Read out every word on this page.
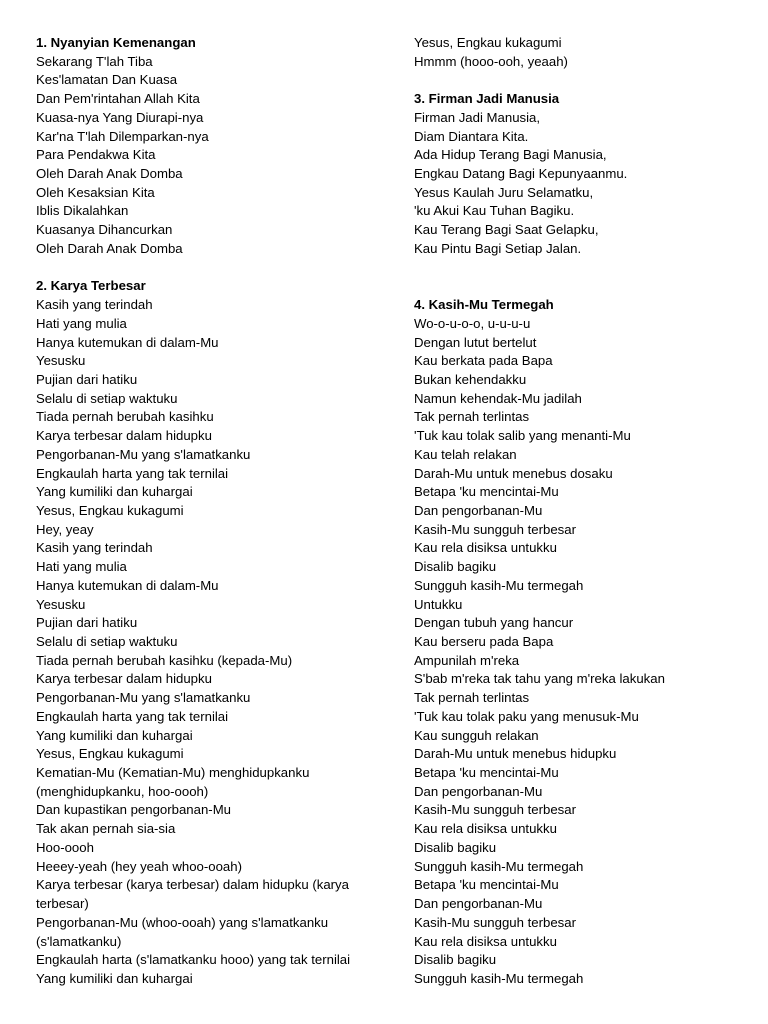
1. Nyanyian Kemenangan
Sekarang T'lah Tiba
Kes'lamatan Dan Kuasa
Dan Pem'rintahan Allah Kita
Kuasa-nya Yang Diurapi-nya
Kar'na T'lah Dilemparkan-nya
Para Pendakwa Kita
Oleh Darah Anak Domba
Oleh Kesaksian Kita
Iblis Dikalahkan
Kuasanya Dihancurkan
Oleh Darah Anak Domba
2. Karya Terbesar
Kasih yang terindah
Hati yang mulia
Hanya kutemukan di dalam-Mu
Yesusku
Pujian dari hatiku
Selalu di setiap waktuku
Tiada pernah berubah kasihku
Karya terbesar dalam hidupku
Pengorbanan-Mu yang s'lamatkanku
Engkaulah harta yang tak ternilai
Yang kumiliki dan kuhargai
Yesus, Engkau kukagumi
Hey, yeay
Kasih yang terindah
Hati yang mulia
Hanya kutemukan di dalam-Mu
Yesusku
Pujian dari hatiku
Selalu di setiap waktuku
Tiada pernah berubah kasihku (kepada-Mu)
Karya terbesar dalam hidupku
Pengorbanan-Mu yang s'lamatkanku
Engkaulah harta yang tak ternilai
Yang kumiliki dan kuhargai
Yesus, Engkau kukagumi
Kematian-Mu (Kematian-Mu) menghidupkanku (menghidupkanku, hoo-oooh)
Dan kupastikan pengorbanan-Mu
Tak akan pernah sia-sia
Hoo-oooh
Heeey-yeah (hey yeah whoo-ooah)
Karya terbesar (karya terbesar) dalam hidupku (karya terbesar)
Pengorbanan-Mu (whoo-ooah) yang s'lamatkanku (s'lamatkanku)
Engkaulah harta (s'lamatkanku hooo) yang tak ternilai
Yang kumiliki dan kuhargai
Yesus, Engkau kukagumi
Hmmm (hooo-ooh, yeaah)
3. Firman Jadi Manusia
Firman Jadi Manusia,
Diam Diantara Kita.
Ada Hidup Terang Bagi Manusia,
Engkau Datang Bagi Kepunyaanmu.
Yesus Kaulah Juru Selamatku,
'ku Akui Kau Tuhan Bagiku.
Kau Terang Bagi Saat Gelapku,
Kau Pintu Bagi Setiap Jalan.
4. Kasih-Mu Termegah
Wo-o-u-o-o, u-u-u-u
Dengan lutut bertelut
Kau berkata pada Bapa
Bukan kehendakku
Namun kehendak-Mu jadilah
Tak pernah terlintas
'Tuk kau tolak salib yang menanti-Mu
Kau telah relakan
Darah-Mu untuk menebus dosaku
Betapa 'ku mencintai-Mu
Dan pengorbanan-Mu
Kasih-Mu sungguh terbesar
Kau rela disiksa untukku
Disalib bagiku
Sungguh kasih-Mu termegah
Untukku
Dengan tubuh yang hancur
Kau berseru pada Bapa
Ampunilah m'reka
S'bab m'reka tak tahu yang m'reka lakukan
Tak pernah terlintas
'Tuk kau tolak paku yang menusuk-Mu
Kau sungguh relakan
Darah-Mu untuk menebus hidupku
Betapa 'ku mencintai-Mu
Dan pengorbanan-Mu
Kasih-Mu sungguh terbesar
Kau rela disiksa untukku
Disalib bagiku
Sungguh kasih-Mu termegah
Betapa 'ku mencintai-Mu
Dan pengorbanan-Mu
Kasih-Mu sungguh terbesar
Kau rela disiksa untukku
Disalib bagiku
Sungguh kasih-Mu termegah
